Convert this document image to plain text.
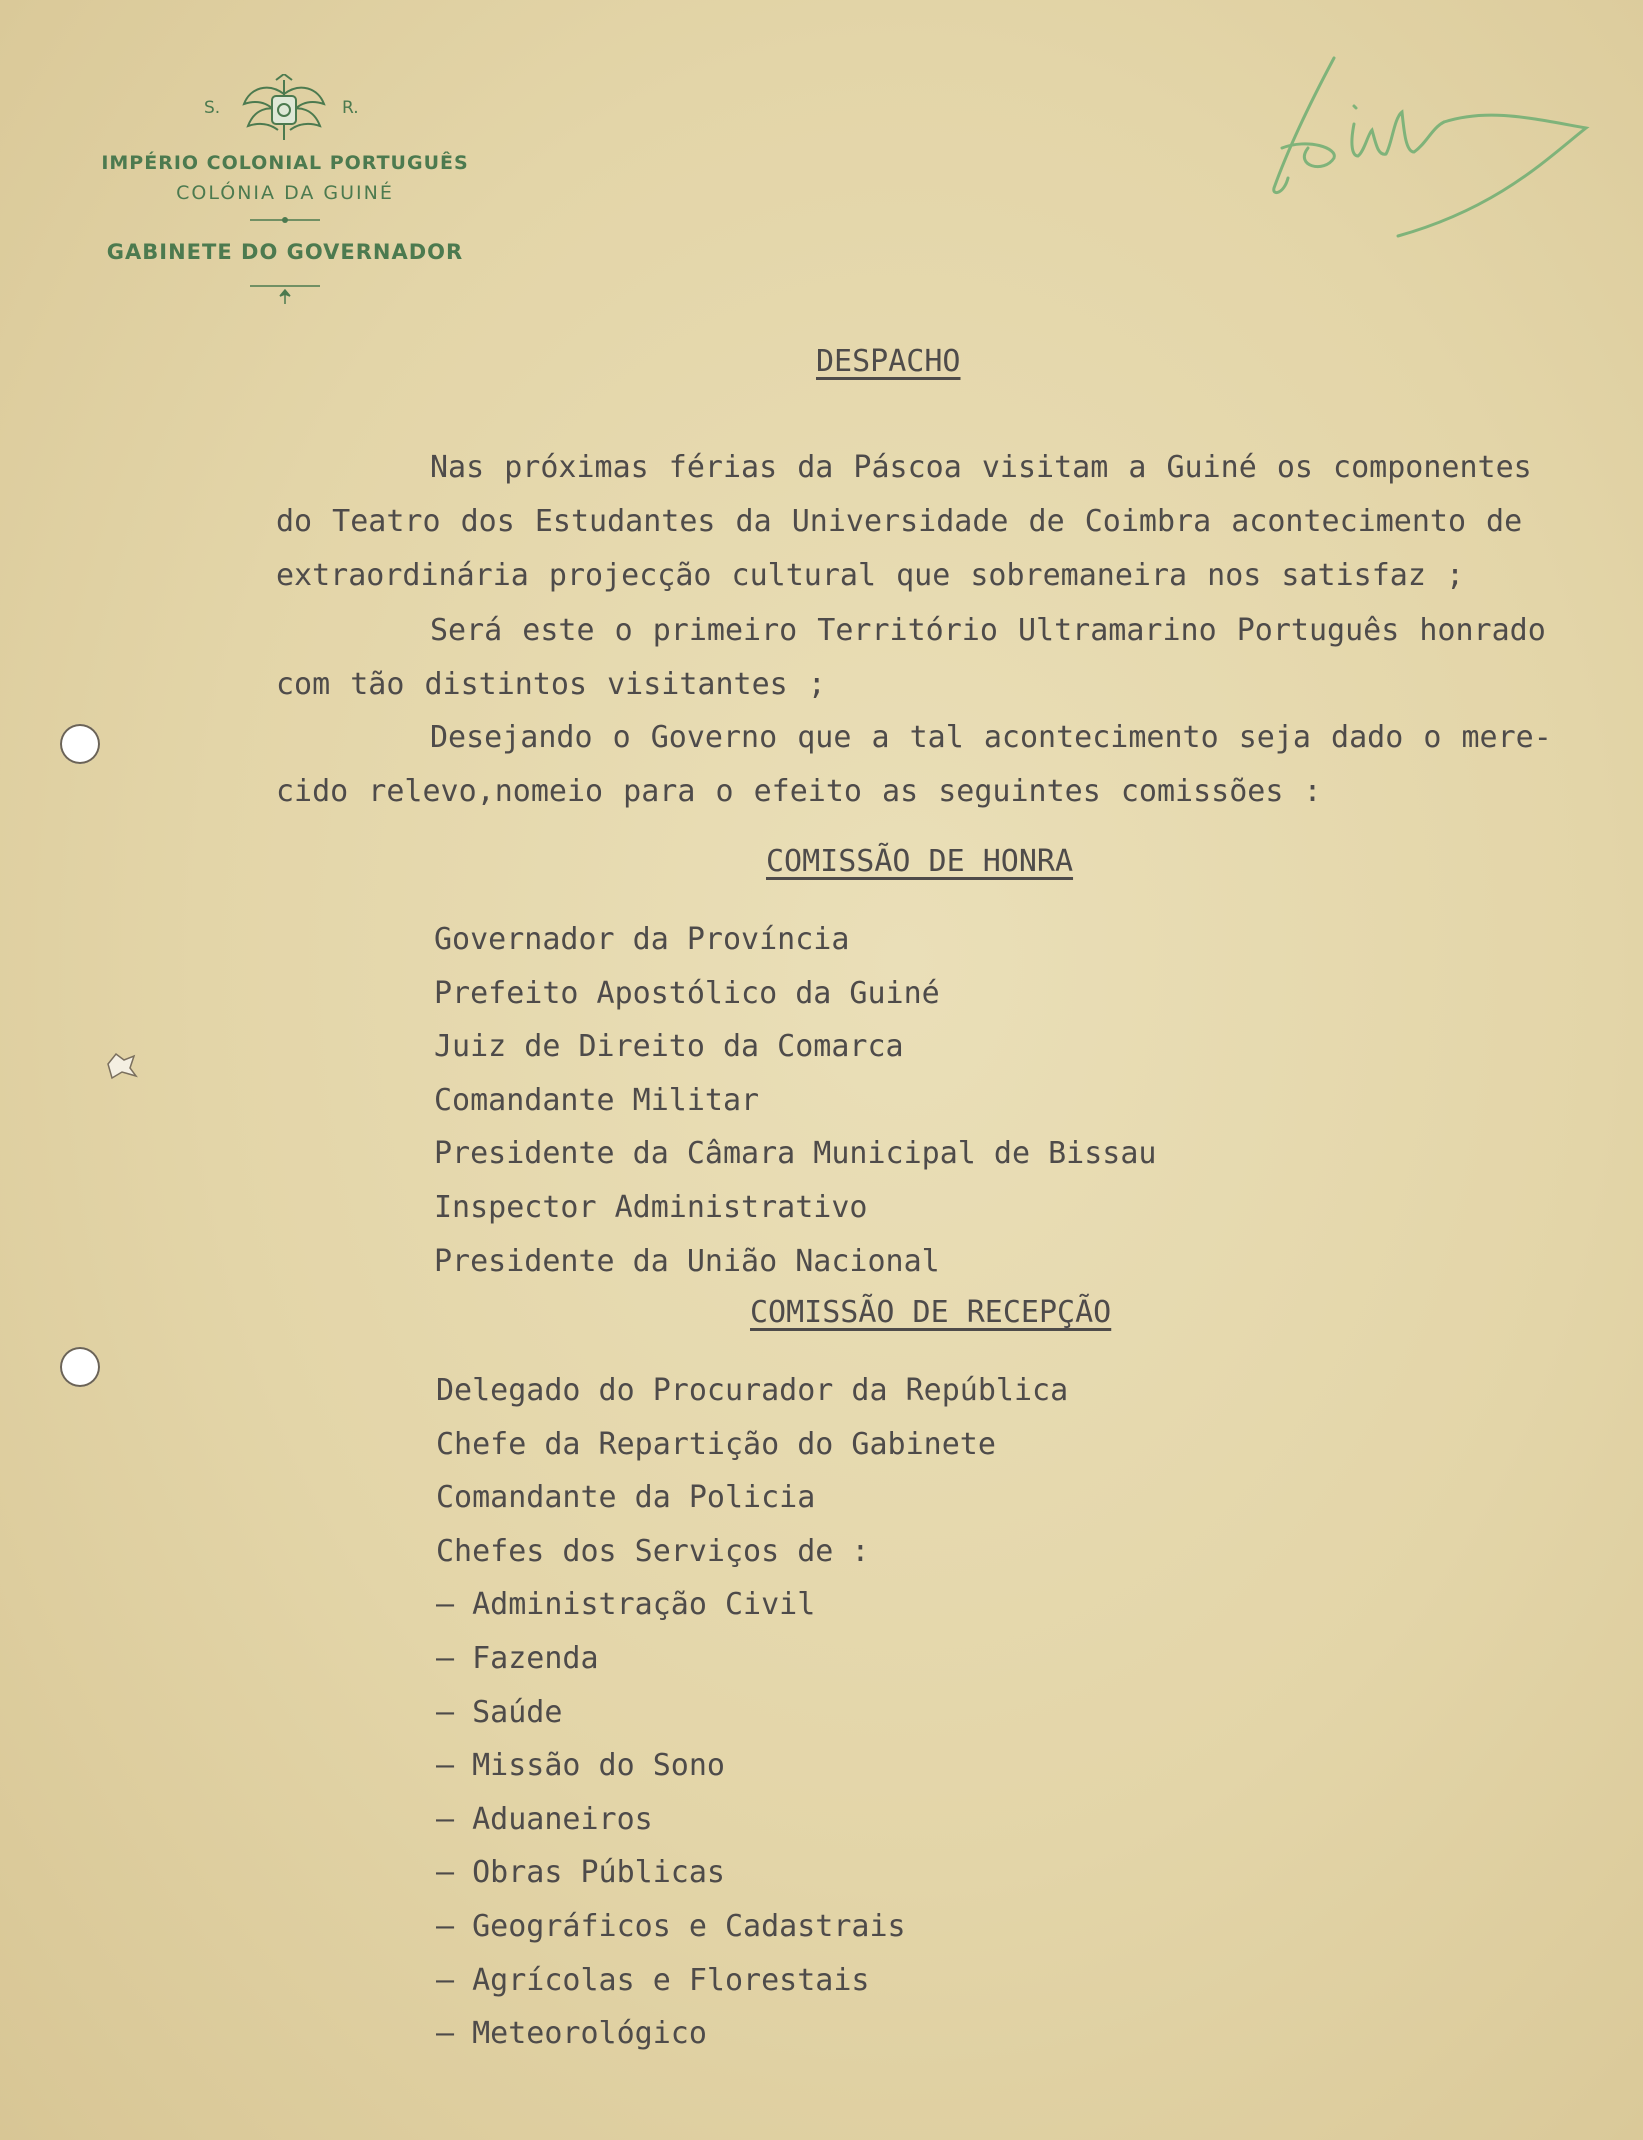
S.	R.
IMPÉRIO COLONIAL PORTUGUÊS
COLÓNIA DA GUINÉ
GABINETE DO GOVERNADOR
DESPACHO
Nas próximas férias da Páscoa visitam a Guiné os componentes
do Teatro dos Estudantes da Universidade de Coimbra acontecimento de
extraordinária projecção cultural que sobremaneira nos satisfaz ;
Será este o primeiro Território Ultramarino Português honrado
com tão distintos visitantes ;
Desejando o Governo que a tal acontecimento seja dado o mere-
cido relevo,nomeio para o efeito as seguintes comissões :
COMISSÃO DE HONRA
Governador da Província
Prefeito Apostólico da Guiné
Juiz de Direito da Comarca
Comandante Militar
Presidente da Câmara Municipal de Bissau
Inspector Administrativo
Presidente da União Nacional
COMISSÃO DE RECEPÇÃO
Delegado do Procurador da República
Chefe da Repartição do Gabinete
Comandante da Policia
Chefes dos Serviços de :
– Administração Civil
– Fazenda
– Saúde
– Missão do Sono
– Aduaneiros
– Obras Públicas
– Geográficos e Cadastrais
– Agrícolas e Florestais
– Meteorológico
